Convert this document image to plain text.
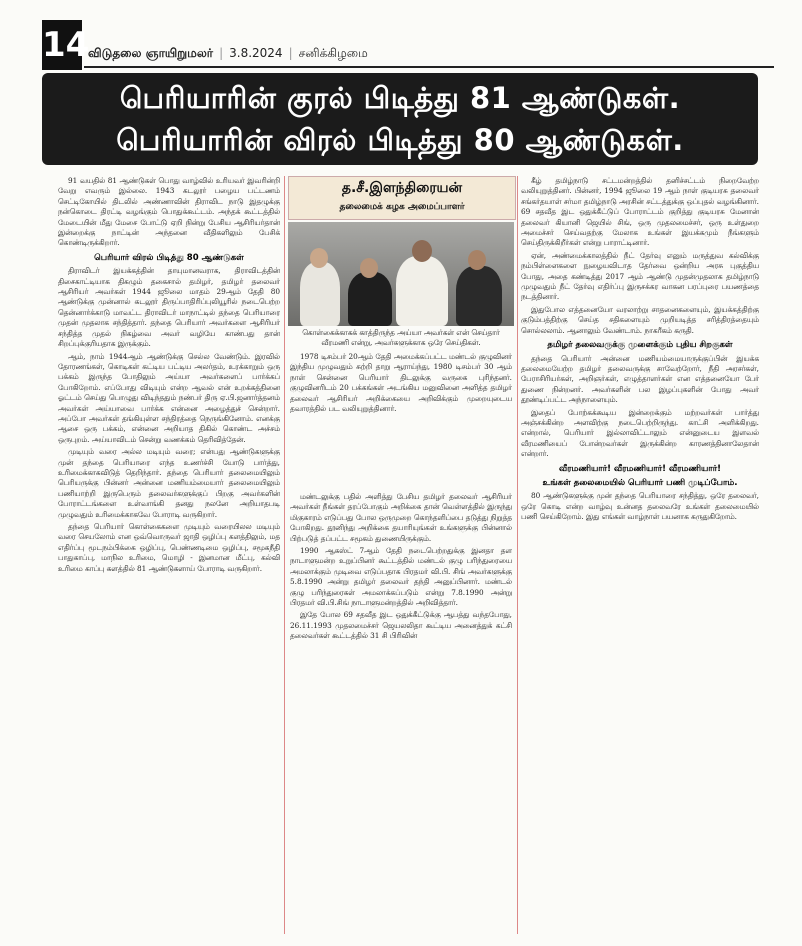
14
விடுதலை ஞாயிறுமலர் | 3.8.2024 | சனிக்கிழமை
பெரியாரின் குரல் பிடித்து 81 ஆண்டுகள்.
பெரியாரின் விரல் பிடித்து 80 ஆண்டுகள்.

91 வயதில் 81 ஆண்டுகள் பொது வாழ்வில் உரியவர் இவரின்றி வேறு எவரும் இல்லை. 1943 கடலூர் பழைய பட்டணம் செட்டிகோயில் திடலில் அண்ணாவின் திராவிட நாடு இதழுக்கு நன்கொடை திரட்டி வழங்கும் பொதுக்கூட்டம். அந்தக் கூட்டத்தில் மேடையின் மீது மேசை போட்டு ஏறி நின்று பேசிய ஆசிரியர்தான் இன்றைக்கு நாட்டின் அந்தனை வீதிகளிலும் பேசிக் கொண்டிருக்கிறார்.

பெரியார் விரல் பிடித்து 80 ஆண்டுகள்

திராவிடர் இயக்கத்தின் தாயுமானவராக, திராவிடத்தின் திசைகாட்டியாக திகழும் தகைசால் தமிழர், தமிழர் தலைவர் ஆசிரியர் அவர்கள் 1944 ஜூலை மாதம் 29ஆம் தேதி 80 ஆண்டுக்கு முன்னால் கடலூர் திருப்பாதிரிப்புலியூரில் நடைபெற்ற தென்னார்க்காடு மாவட்ட திராவிடர் மாநாட்டில் தந்தை பெரியாரை முதன் முதலாக சந்தித்தார். தந்தை பெரியார் அவர்களை ஆசிரியர் சந்தித்த முதல் நிகழ்வை அவர் வழியே காண்பது தான் சிறப்புக்குரியதாக இருக்கும்.

ஆம், நாம் 1944ஆம் ஆண்டுக்கு செல்ல வேண்டும். இரவில் தோரணங்கள், கொடிகள் கட்டிய பட்டிய அலர்தம், உரக்காறும் ஒரு பக்கம் இருந்த போதிலும் அய்யா அவர்களைப் பார்க்கப் போகிறோம். எப்போது விடியும் என்ற ஆவல் என் உறக்கத்தினை ஓட்டம் செய்து பொழுது விடிந்ததும் நண்பர் திரு ஏ.பி.ஜனார்த்தனம் அவர்கள் அய்யாவை பார்க்க என்னை அழைத்துச் சென்றார். அப்போ அவர்கள் தங்கியுள்ள சந்திரத்தை நெருங்கினோம். எனக்கு ஆசை ஒரு பக்கம், என்னை அறியாத திகில் கொண்ட அச்சம் ஒருபுறம். அய்யாவிடம் சென்று வணக்கம் தெரிவித்தேன்.

முடியும் வரை அல்ல மடியும் வரை; என்பது ஆண்டுகளுக்கு முன் தந்தை பெரியாரை எந்த உணர்ச்சி யோடு பார்த்து, உரிமைக்காகவிடுத் தெறிந்தார். தந்தை பெரியார் தலைமையிலும் பெரியருக்கு பின்னர் அன்னை மணியம்மையார் தலைமையிலும் பணியாற்றி இருபெரும் தலைவர்களுக்குப் பிறகு அவர்களின் போராட்டங்களை உள்வாங்கி தனது நலனே அறியாதபடி முழுவதும் உரிமைக்காகவே போராடி வருகிறார்.

தந்தை பெரியார் கொள்கைகளை முடியும் வரையிலல மடியும் வரை செயலோம் என ஒவ்வொருவர் ஜாதி ஒழிப்பு களத்திலும், மத எதிர்ப்பு மூடநம்பிக்கை ஒழிப்பு, பெண்ணடிமை ஒழிப்பு, சமூகநீதி பாதுகாப்பு, மாநில உரிமை, மொழி - இனமான மீட்பு, கல்வி உரிமை காப்பு களத்தில் 81 ஆண்டுகளாய் போராடி வருகிறார்.

த.சீ.இளந்திரையன்
தலைமைக் கழக அமைப்பாளர்
கொள்கைக்காகக் காத்திருந்த அய்யா அவர்கள் என் செய்தார் வீரமணி என்று, அவர்களுக்காக ஒரே செய்திகள்.

1978 டிசம்பர் 20ஆம் தேதி அமைக்கப்பட்ட மண்டல் குழுவினர் இந்திய முழுவதும் சுற்றி தாறு ஆராய்ந்து, 1980 டிசம்பர் 30 ஆம் நாள் சென்னை பெரியார் திடலுக்கு வருகை புரிந்தனர். குழுவினரிடம் 20 பக்கங்கள் அடங்கிய மனுவினை அளித்த தமிழர் தலைவர் ஆசிரியர் அறிக்கையை அறிவிக்கும் முறையுடைய தவாரத்தில் பட வலியுறுத்தினார்.

மண்டலுக்கு பதில் அளித்து பேசிய தமிழர் தலைவர் ஆசிரியர் அவர்கள் நீங்கள் தரப்போகும் அறிக்கை தான் வெள்ளத்தில் இருந்து மிகுகாரம் எடுப்பது போல ஒருமுறை கொந்தளிப்பை தடுத்து நிறுத்த போகிறது. தூனிந்து அறிக்கை தயாரியுங்கள் உங்களுக்கு பின்னால் பிற்படுத் தப்பட்ட சமூகம் துணையிருக்கும்.

1990 ஆகஸ்ட் 7ஆம் தேதி நடைபெற்றதுக்கு இனதா தள நாடாளுமன்ற உறுப்பினர் கூட்டத்தில் மண்டல் குழு பரிந்துரையை அமலாக்கும் முடிவை எடுப்பதாக பிரதமர் வி.பி. சிங் அவர்களுக்கு 5.8.1990 அன்று தமிழர் தலைவர் தந்தி அனுப்பினார். மண்டல் குழு பரிந்துரைகள் அமலாக்கப்படும் என்று 7.8.1990 அன்று பிரதமர் வி.பி.சிங் நாடாளுமன்றத்தில் அறிவித்தார்.

இதே போல 69 சதவீத இட ஒதுக்கீட்டுக்கு ஆபத்து வந்தபோது, 26.11.1993 முதலமைச்சர் ஜெயலலிதா கூட்டிய அனைத்துக் கட்சி தலைவர்கள் கூட்டத்தில் 31 சி பிரிவின்

கீழ் தமிழ்நாடு சட்டமன்றத்தில் தனிச்சட்டம் நிறைவேற்ற வலியுறுத்தினர். பின்னர், 1994 ஜூலை 19 ஆம் நாள் குடியரசு தலைவர் சங்கர்தயாள் சர்மா தமிழ்நாடு அரசின் சட்டத்துக்கு ஒப்புதல் வழங்கினார். 69 சதவீத இட ஒதுக்கீட்டுப் போராட்டம் குறித்து குடியரசு மேனான் தலைவர் கியானி ஜெயில் சிங், ஒரு முதலமைச்சர், ஒரு உள்துறை அமைச்சர் செய்வதற்கு மேலாக உங்கள் இயக்கமும் நீங்களும் செய்திருக்கிறீர்கள் என்று பாராட்டினார்.

ஏன், அண்மைக்காலத்தில் நீட் தேர்வு எனும் மருத்துவ கல்விக்கு நம்பிள்ளைகளை நுழையவிடாத தேர்வை ஒன்றிய அரசு புகுத்திய போது, அதை கண்டித்து 2017 ஆம் ஆண்டு முதன்முதலாக தமிழ்நாடு முழுவதும் நீட் தேர்வு எதிர்ப்பு இருசக்கர வாகன பரப்புரை பயணத்தை நடத்தினார்.

இதுபோல எத்தனையோ வரலாற்று சாதனைகளையும், இயக்கத்திற்கு குடும்பத்திற்கு செய்த சதிகளையும் முறியடித்த சரித்திரத்தையும் சொல்லலாம். ஆனாலும் வேண்டாம். நாகரீகம் கருதி.

தமிழர் தலைவருக்கு முளைக்கும் புதிய சிறகுகள்

தந்தை பெரியார் அன்னை மணியம்மையாருக்குப்பின் இயக்க தலைமையேற்ற தமிழர் தலைவருக்கு சாவேற்றோர், நீதி அரசர்கள், பேராசிரியர்கள், அறிஞர்கள், எழுத்தாளர்கள் என எத்தனையோ பேர் துணை நின்றனர். அவர்களின் பல இழப்புகளின் போது அவர் தூண்டிப்பட்ட அந்நாளையும்.

இதைப் போற்கக்கூடிய இன்றைக்கும் மற்றவர்கள் பார்த்து அஞ்சக்கின்ற அளவிற்கு நடைபெற்றிருந்து. காட்சி அளிக்கிறது. என்றால், பெரியார் இல்லாவிட்டாலும் என்னுடைய இளவல் வீரமணியைப் போன்றவர்கள் இருக்கின்ற காரணத்தினாலேதான் என்றார்.

வீரமணியார்! வீரமணியார்! வீரமணியார்!
உங்கள் தலைமையில் பெரியார் பணி முடிப்போம்.

80 ஆண்டுகளுக்கு முன் தந்தை பெரியாரை சந்தித்து, ஒரே தலைவர், ஒரே கொடி என்ற வாழ்வு உன்னத தலைவரே உங்கள் தலைமையில் பணி செய்கிறோம். இது எங்கள் வாழ்நாள் பயனாக கருதுகிறோம்.
